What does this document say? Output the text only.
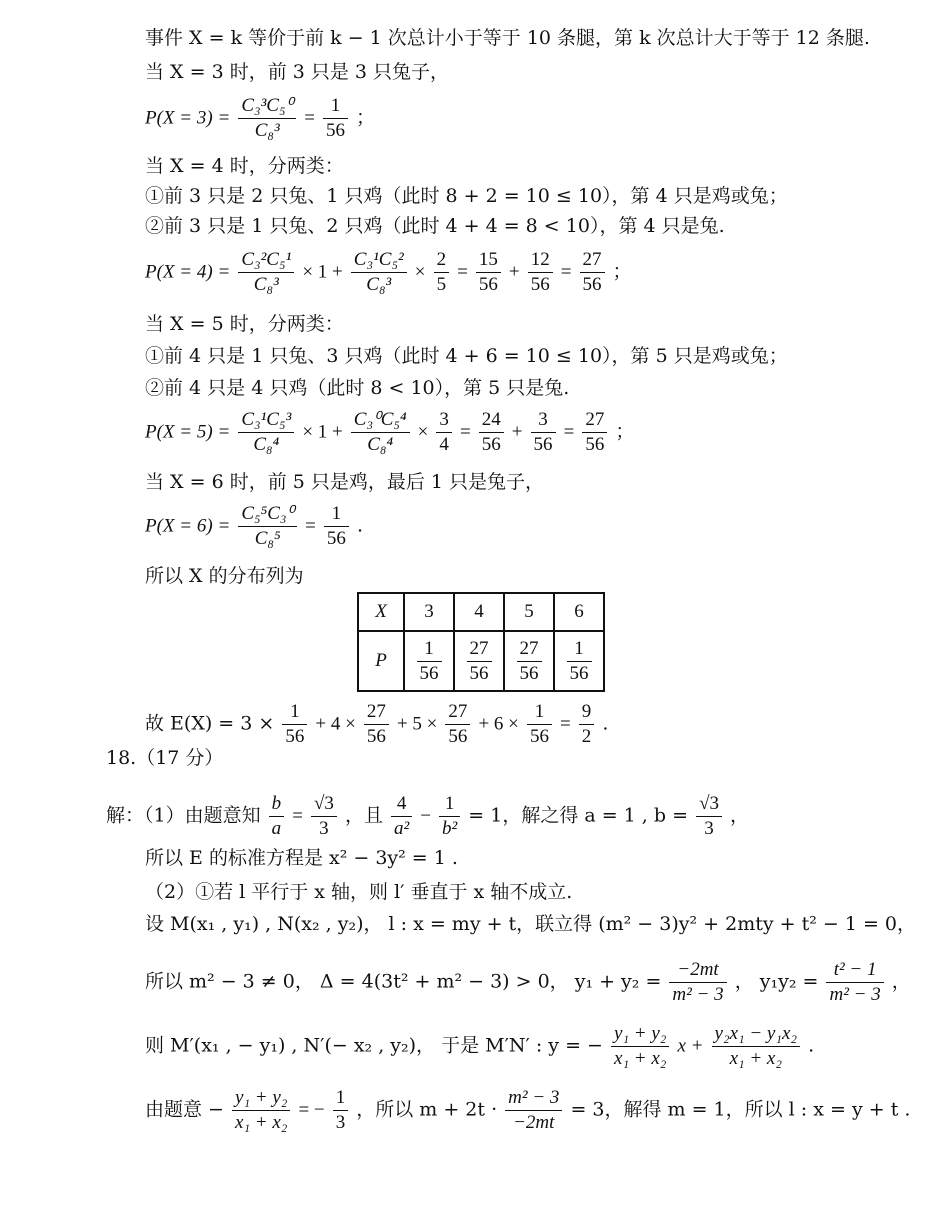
事件 X = k 等价于前 k − 1 次总计小于等于 10 条腿，第 k 次总计大于等于 12 条腿.
当 X = 3 时，前 3 只是 3 只兔子，
$P(X = 3) = \frac{\text{C₃³C₅⁰}}{\text{C₈³}} = \frac{1}{56}$ ；
当 X = 4 时，分两类：
①前 3 只是 2 只兔、1 只鸡（此时 8 + 2 = 10 ≤ 10），第 4 只是鸡或兔；
②前 3 只是 1 只兔、2 只鸡（此时 4 + 4 = 8 < 10），第 4 只是兔.
$P(X = 4) = \frac{\text{C₃²C₅¹}}{\text{C₈³}} \times 1 + \frac{\text{C₃¹C₅²}}{\text{C₈³}} \times \frac{2}{5} = \frac{15}{56} + \frac{12}{56} = \frac{27}{56}$ ；
当 X = 5 时，分两类：
①前 4 只是 1 只兔、3 只鸡（此时 4 + 6 = 10 ≤ 10），第 5 只是鸡或兔；
②前 4 只是 4 只鸡（此时 8 < 10），第 5 只是兔.
$P(X = 5) = \frac{\text{C₃¹C₅³}}{\text{C₈⁴}} \times 1 + \frac{\text{C₃⁰C₅⁴}}{\text{C₈⁴}} \times \frac{3}{4} = \frac{24}{56} + \frac{3}{56} = \frac{27}{56}$ ；
当 X = 6 时，前 5 只是鸡，最后 1 只是兔子，
$P(X = 6) = \frac{\text{C₅⁵C₃⁰}}{\text{C₈⁵}} = \frac{1}{56}$ .
所以 X 的分布列为
X	3	4	5	6
P	$\frac{1}{56}$	$\frac{27}{56}$	$\frac{27}{56}$	$\frac{1}{56}$
故 $E(X) = 3 \times \frac{1}{56} + 4 \times \frac{27}{56} + 5 \times \frac{27}{56} + 6 \times \frac{1}{56} = \frac{9}{2}$ .
18.（17 分）
解：（1）由题意知 $\frac{b}{a} = \frac{√3}{3}$ ，且 $\frac{4}{\text{a²}} - \frac{1}{\text{b²}} = 1$，解之得 a = 1 , $b = \frac{√3}{3}$ ，
所以 E 的标准方程是 x² − 3y² = 1 .
（2）①若 l 平行于 x 轴，则 l′ 垂直于 x 轴不成立.
设 M(x₁ , y₁) , N(x₂ , y₂)， l : x = my + t，联立得 (m² − 3)y² + 2mty + t² − 1 = 0，
所以 m² − 3 ≠ 0， Δ = 4(3t² + m² − 3) > 0， $y_1 + y_2 = \frac{-2mt}{\text{m² − 3}}$ ， $y_1y_2 = \frac{\text{t² − 1}}{\text{m² − 3}}$ ，
则 M′(x₁ , − y₁) , N′(− x₂ , y₂)， 于是 M′N′ : y = − $\frac{\text{y₁ + y₂}}{\text{x₁ + x₂}}$ $x + \frac{\text{y₂x₁ − y₁x₂}}{\text{x₁ + x₂}}$ .
由题意 − $\frac{\text{y₁ + y₂}}{\text{x₁ + x₂}}$ = − $\frac{1}{3}$ ，所以 $m + 2t \cdot \frac{\text{m² − 3}}{-2mt} = 3$，解得 m = 1，所以 l : x = y + t .
